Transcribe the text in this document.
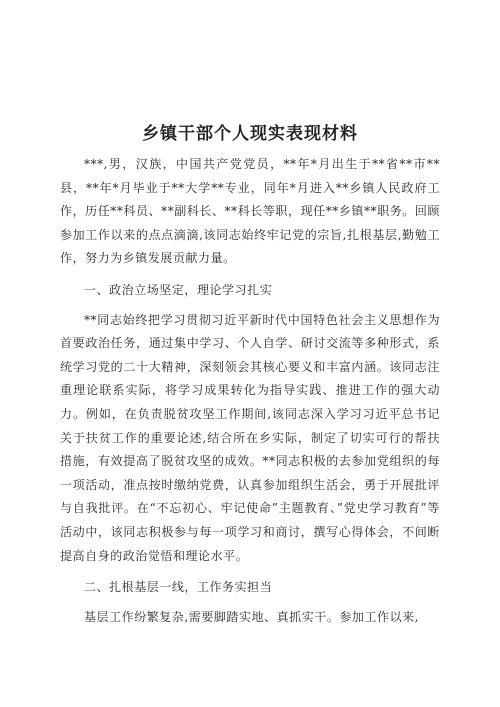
乡镇干部个人现实表现材料

***,男，汉族，中国共产党党员，**年*月出生于**省**市**县，**年*月毕业于**大学**专业，同年*月进入**乡镇人民政府工作，历任**科员、**副科长、**科长等职，现任**乡镇**职务。回顾参加工作以来的点点滴滴,该同志始终牢记党的宗旨,扎根基层,勤勉工作，努力为乡镇发展贡献力量。

一、政治立场坚定，理论学习扎实

**同志始终把学习贯彻习近平新时代中国特色社会主义思想作为首要政治任务，通过集中学习、个人自学、研讨交流等多种形式，系统学习党的二十大精神，深刻领会其核心要义和丰富内涵。该同志注重理论联系实际，将学习成果转化为指导实践、推进工作的强大动力。例如，在负责脱贫攻坚工作期间,该同志深入学习习近平总书记关于扶贫工作的重要论述,结合所在乡实际，制定了切实可行的帮扶措施，有效提高了脱贫攻坚的成效。**同志积极的去参加党组织的每一项活动，准点按时缴纳党费，认真参加组织生活会，勇于开展批评与自我批评。在“不忘初心、牢记使命”主题教育、”党史学习教育”等活动中，该同志积极参与每一项学习和商讨，撰写心得体会，不间断提高自身的政治觉悟和理论水平。

二、扎根基层一线，工作务实担当

基层工作纷繁复杂,需要脚踏实地、真抓实干。参加工作以来,
